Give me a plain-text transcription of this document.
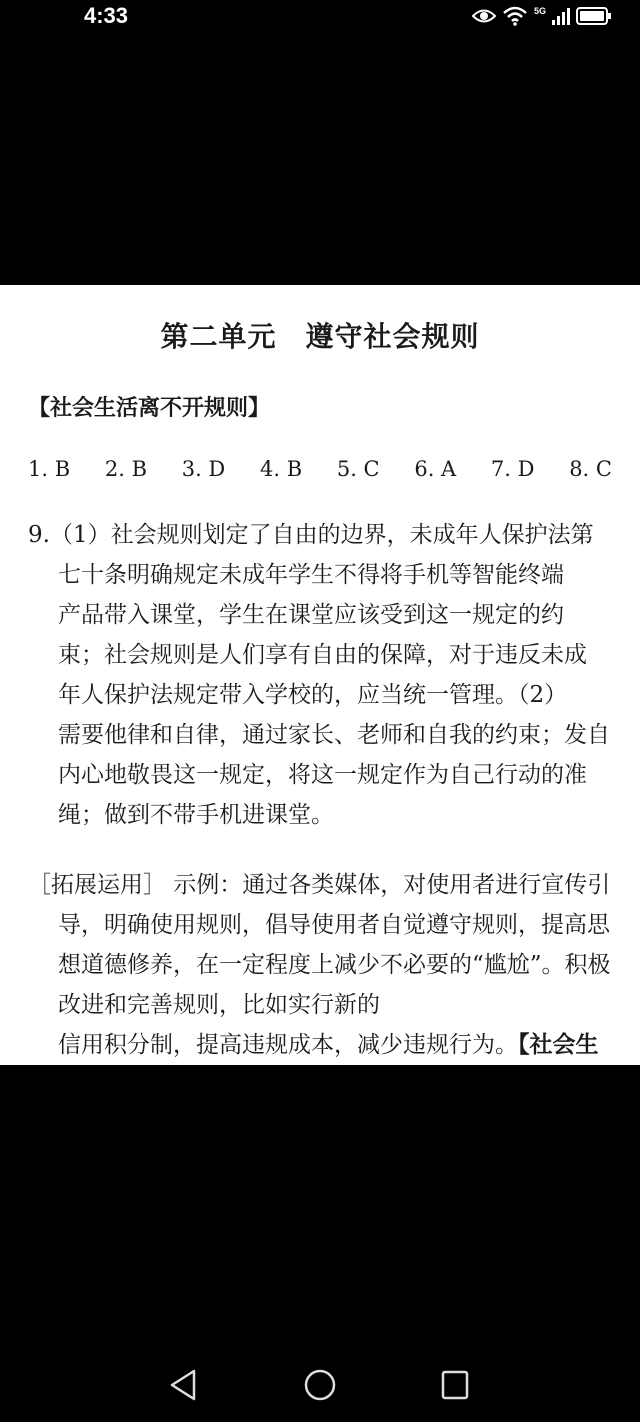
4:33	5G
第二单元　遵守社会规则
【社会生活离不开规则】
1. B 2. B 3. D 4. B 5. C 6. A 7. D 8. C
9.（1）社会规则划定了自由的边界，未成年人保护法第
七十条明确规定未成年学生不得将手机等智能终端
产品带入课堂，学生在课堂应该受到这一规定的约
束；社会规则是人们享有自由的保障，对于违反未成
年人保护法规定带入学校的，应当统一管理。（2）
需要他律和自律，通过家长、老师和自我的约束；发自
内心地敬畏这一规定，将这一规定作为自己行动的准
绳；做到不带手机进课堂。
［拓展运用］ 示例：通过各类媒体，对使用者进行宣传引
导，明确使用规则，倡导使用者自觉遵守规则，提高思
想道德修养，在一定程度上减少不必要的“尴尬”。积极
改进和完善规则，比如实行新的
信用积分制，提高违规成本，减少违规行为。【社会生
